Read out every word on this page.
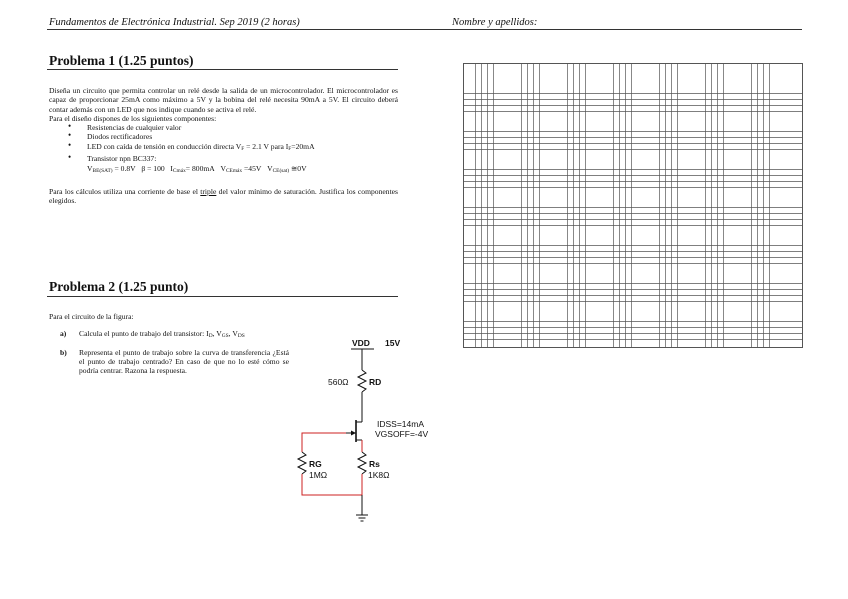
Fundamentos de Electrónica Industrial. Sep 2019 (2 horas)	Nombre y apellidos:
Problema 1 (1.25 puntos)

Diseña un circuito que permita controlar un relé desde la salida de un microcontrolador. El microcontrolador es capaz de proporcionar 25mA como máximo a 5V y la bobina del relé necesita 90mA a 5V. El circuito deberá contar además con un LED que nos indique cuando se activa el relé.

Para el diseño dispones de los siguientes componentes:

• Resistencias de cualquier valor
• Diodos rectificadores
• LED con caída de tensión en conducción directa VF = 2.1 V para IF=20mA
• Transistor npn BC337:

VBE(SAT) = 0.8V β = 100 ICmáx= 800mA VCEmáx =45V VCE(sat) ≅0V

Para los cálculos utiliza una corriente de base el triple del valor mínimo de saturación. Justifica los componentes elegidos.

Problema 2 (1.25 punto)

Para el circuito de la figura:

a) Calcula el punto de trabajo del transistor: ID, VGS, VDS
b) Representa el punto de trabajo sobre la curva de transferencia ¿Está el punto de trabajo centrado? En caso de que no lo esté cómo se podría centrar. Razona la respuesta.
VDD 15V
560Ω RD
IDSS=14mA
VGSOFF=-4V
RG
1MΩ
Rs
1K8Ω
